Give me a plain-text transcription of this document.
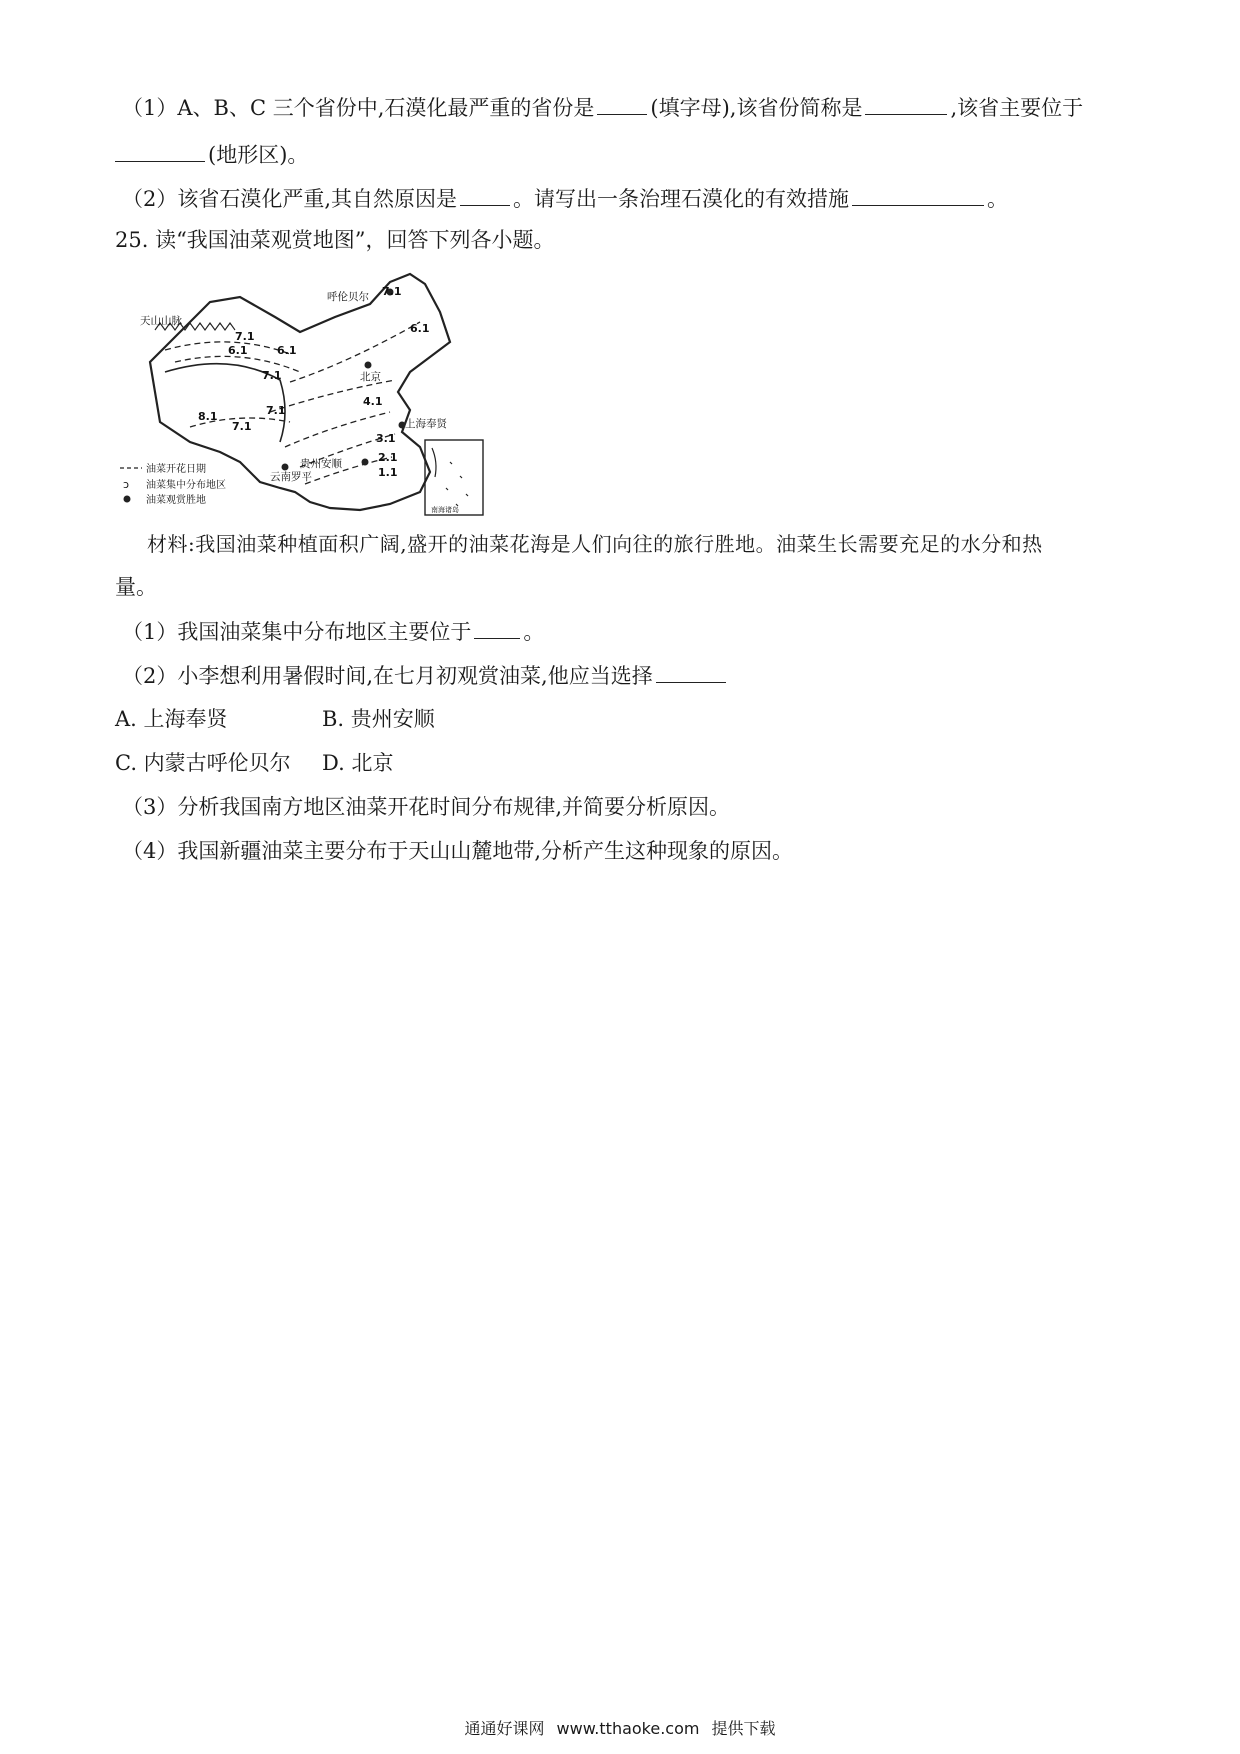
（1）A、B、C 三个省份中,石漠化最严重的省份是	(填字母),该省份简称是	,该省主要位于
(地形区)。
（2）该省石漠化严重,其自然原因是	。请写出一条治理石漠化的有效措施	。
25. 读“我国油菜观赏地图”，回答下列各小题。
天山山脉
呼伦贝尔
北京
上海奉贤
贵州安顺
云南罗平
7.1
6.1
7.1
6.1	6.1
7.1
7.1
8.1
7.1
4.1
3.1
2.1
1.1
油菜开花日期
ↄ 油菜集中分布地区
油菜观赏胜地
南海诸岛
材料:我国油菜种植面积广阔,盛开的油菜花海是人们向往的旅行胜地。油菜生长需要充足的水分和热
量。
（1）我国油菜集中分布地区主要位于 。
（2）小李想利用暑假时间,在七月初观赏油菜,他应当选择
A. 上海奉贤	B. 贵州安顺
C. 内蒙古呼伦贝尔 D. 北京
（3）分析我国南方地区油菜开花时间分布规律,并简要分析原因。
（4）我国新疆油菜主要分布于天山山麓地带,分析产生这种现象的原因。
通通好课网 www.tthaoke.com 提供下载
